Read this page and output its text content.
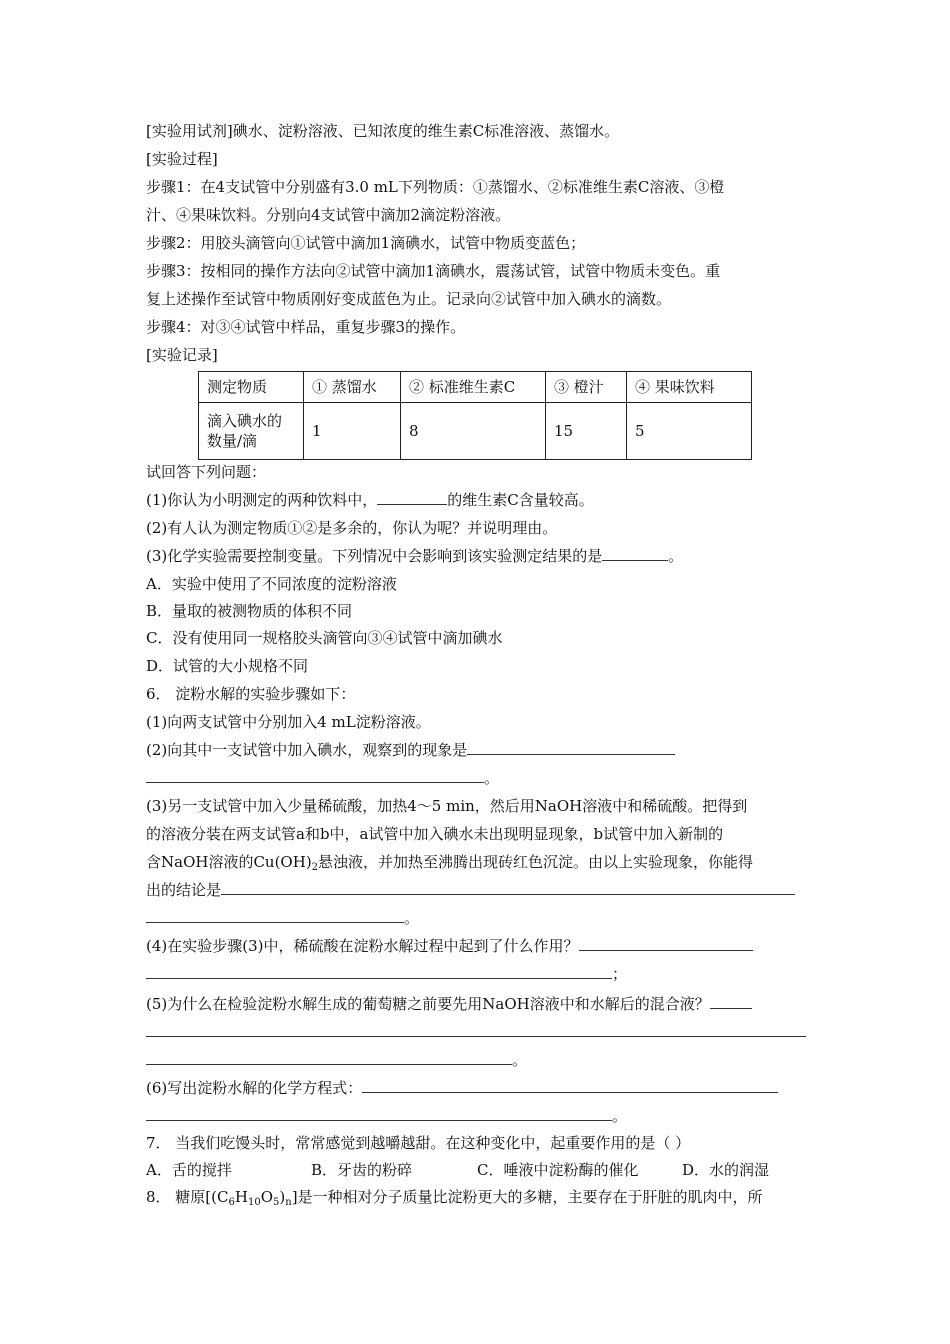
[实验用试剂]碘水、淀粉溶液、已知浓度的维生素C标准溶液、蒸馏水。
[实验过程]
步骤1：在4支试管中分别盛有3.0 mL下列物质：①蒸馏水、②标准维生素C溶液、③橙
汁、④果味饮料。分别向4支试管中滴加2滴淀粉溶液。
步骤2：用胶头滴管向①试管中滴加1滴碘水，试管中物质变蓝色；
步骤3：按相同的操作方法向②试管中滴加1滴碘水，震荡试管，试管中物质未变色。重
复上述操作至试管中物质刚好变成蓝色为止。记录向②试管中加入碘水的滴数。
步骤4：对③④试管中样品，重复步骤3的操作。
[实验记录]
测定物质	① 蒸馏水	② 标准维生素C	③ 橙汁	④ 果味饮料

滴入碘水的
数量/滴	1	8	15	5
试回答下列问题：
(1)你认为小明测定的两种饮料中，	的维生素C含量较高。
(2)有人认为测定物质①②是多余的，你认为呢？并说明理由。
(3)化学实验需要控制变量。下列情况中会影响到该实验测定结果的是	。
A．实验中使用了不同浓度的淀粉溶液
B．量取的被测物质的体积不同
C．没有使用同一规格胶头滴管向③④试管中滴加碘水
D．试管的大小规格不同
6． 淀粉水解的实验步骤如下：
(1)向两支试管中分别加入4 mL淀粉溶液。
(2)向其中一支试管中加入碘水，观察到的现象是
。
(3)另一支试管中加入少量稀硫酸，加热4～5 min，然后用NaOH溶液中和稀硫酸。把得到
的溶液分装在两支试管a和b中，a试管中加入碘水未出现明显现象，b试管中加入新制的
含NaOH溶液的$Cu(OH)_2$悬浊液，并加热至沸腾出现砖红色沉淀。由以上实验现象，你能得
出的结论是
。
(4)在实验步骤(3)中，稀硫酸在淀粉水解过程中起到了什么作用？
；
(5)为什么在检验淀粉水解生成的葡萄糖之前要先用NaOH溶液中和水解后的混合液？
。
(6)写出淀粉水解的化学方程式：
。
7． 当我们吃馒头时，常常感觉到越嚼越甜。在这种变化中，起重要作用的是（ ）
A．舌的搅拌	B．牙齿的粉碎	C．唾液中淀粉酶的催化	D．水的润湿
8． 糖原$[(C_6H_{10}O_5)_n]$是一种相对分子质量比淀粉更大的多糖，主要存在于肝脏的肌肉中，所
